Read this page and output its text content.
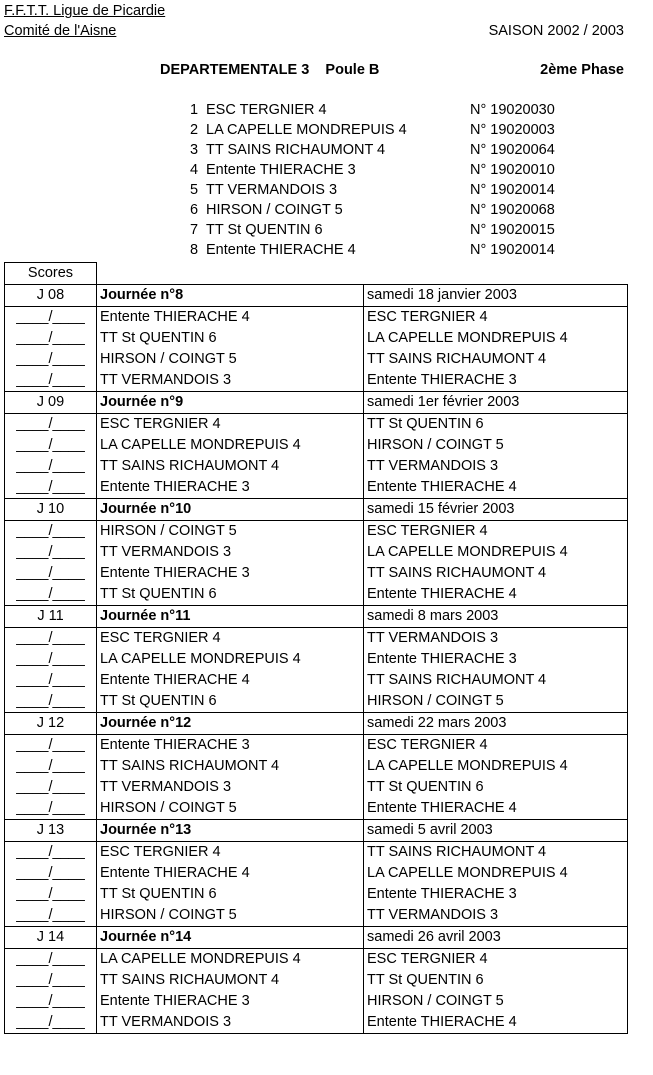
F.F.T.T. Ligue de Picardie
Comité de l'Aisne	SAISON 2002 / 2003
DEPARTEMENTALE 3    Poule B	2ème Phase
1 ESC TERGNIER 4	N° 19020030
2 LA CAPELLE MONDREPUIS 4	N° 19020003
3 TT SAINS RICHAUMONT 4	N° 19020064
4 Entente THIERACHE 3	N° 19020010
5 TT VERMANDOIS 3	N° 19020014
6 HIRSON / COINGT 5	N° 19020068
7 TT St QUENTIN 6	N° 19020015
8 Entente THIERACHE 4	N° 19020014
Scores		
J 08	Journée n°8	samedi 18 janvier 2003
____/____	Entente THIERACHE 4	ESC TERGNIER 4
____/____	TT St QUENTIN 6	LA CAPELLE MONDREPUIS 4
____/____	HIRSON / COINGT 5	TT SAINS RICHAUMONT 4
____/____	TT VERMANDOIS 3	Entente THIERACHE 3
J 09	Journée n°9	samedi 1er février 2003
____/____	ESC TERGNIER 4	TT St QUENTIN 6
____/____	LA CAPELLE MONDREPUIS 4	HIRSON / COINGT 5
____/____	TT SAINS RICHAUMONT 4	TT VERMANDOIS 3
____/____	Entente THIERACHE 3	Entente THIERACHE 4
J 10	Journée n°10	samedi 15 février 2003
____/____	HIRSON / COINGT 5	ESC TERGNIER 4
____/____	TT VERMANDOIS 3	LA CAPELLE MONDREPUIS 4
____/____	Entente THIERACHE 3	TT SAINS RICHAUMONT 4
____/____	TT St QUENTIN 6	Entente THIERACHE 4
J 11	Journée n°11	samedi 8 mars 2003
____/____	ESC TERGNIER 4	TT VERMANDOIS 3
____/____	LA CAPELLE MONDREPUIS 4	Entente THIERACHE 3
____/____	Entente THIERACHE 4	TT SAINS RICHAUMONT 4
____/____	TT St QUENTIN 6	HIRSON / COINGT 5
J 12	Journée n°12	samedi 22 mars 2003
____/____	Entente THIERACHE 3	ESC TERGNIER 4
____/____	TT SAINS RICHAUMONT 4	LA CAPELLE MONDREPUIS 4
____/____	TT VERMANDOIS 3	TT St QUENTIN 6
____/____	HIRSON / COINGT 5	Entente THIERACHE 4
J 13	Journée n°13	samedi 5 avril 2003
____/____	ESC TERGNIER 4	TT SAINS RICHAUMONT 4
____/____	Entente THIERACHE 4	LA CAPELLE MONDREPUIS 4
____/____	TT St QUENTIN 6	Entente THIERACHE 3
____/____	HIRSON / COINGT 5	TT VERMANDOIS 3
J 14	Journée n°14	samedi 26 avril 2003
____/____	LA CAPELLE MONDREPUIS 4	ESC TERGNIER 4
____/____	TT SAINS RICHAUMONT 4	TT St QUENTIN 6
____/____	Entente THIERACHE 3	HIRSON / COINGT 5
____/____	TT VERMANDOIS 3	Entente THIERACHE 4
